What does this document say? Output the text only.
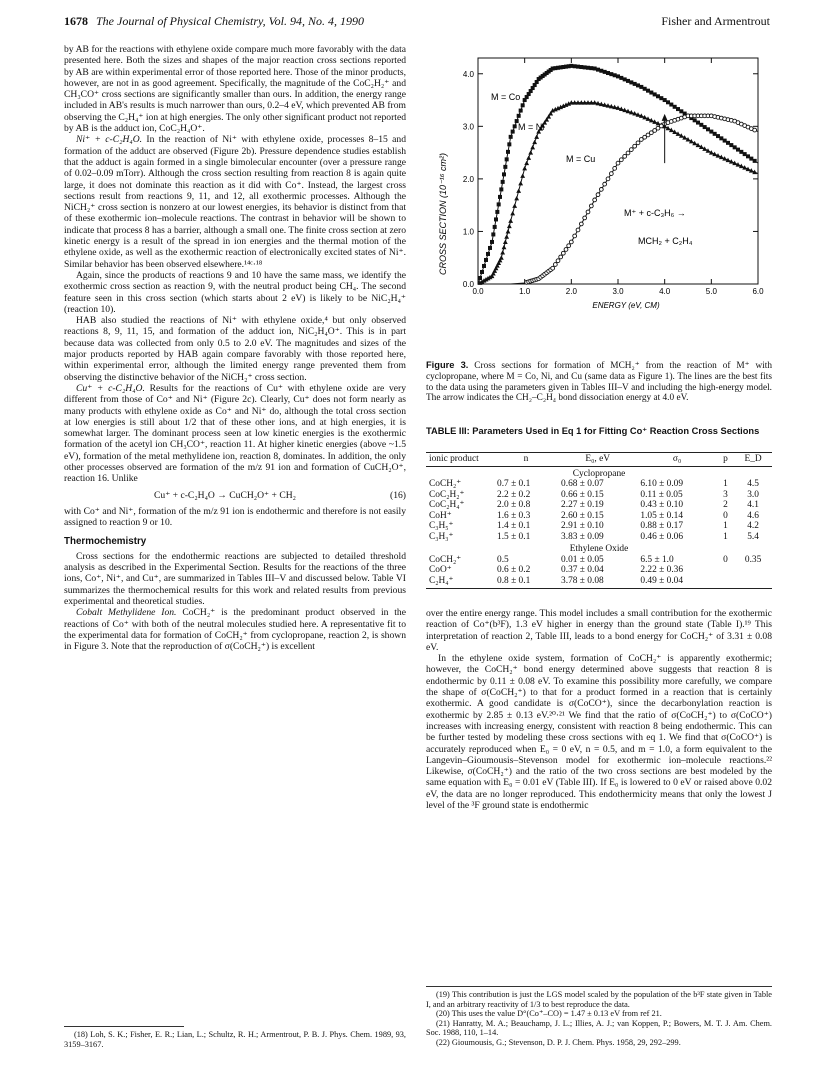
1678 The Journal of Physical Chemistry, Vol. 94, No. 4, 1990	Fisher and Armentrout

by AB for the reactions with ethylene oxide compare much more favorably with the data presented here. Both the sizes and shapes of the major reaction cross sections reported by AB are within experimental error of those reported here. Those of the minor products, however, are not in as good agreement. Specifically, the magnitude of the CoC₂H₂⁺ and CH₃CO⁺ cross sections are significantly smaller than ours. In addition, the energy range included in AB's results is much narrower than ours, 0.2–4 eV, which prevented AB from observing the C₂H₄⁺ ion at high energies. The only other significant product not reported by AB is the adduct ion, CoC₂H₄O⁺.

Ni⁺ + c-C₂H₄O. In the reaction of Ni⁺ with ethylene oxide, processes 8–15 and formation of the adduct are observed (Figure 2b). Pressure dependence studies establish that the adduct is again formed in a single bimolecular encounter (over a pressure range of 0.02–0.09 mTorr). Although the cross section resulting from reaction 8 is again quite large, it does not dominate this reaction as it did with Co⁺. Instead, the largest cross sections result from reactions 9, 11, and 12, all exothermic processes. Although the NiCH₂⁺ cross section is nonzero at our lowest energies, its behavior is distinct from that of these exothermic ion–molecule reactions. The contrast in behavior will be shown to indicate that process 8 has a barrier, although a small one. The finite cross section at zero kinetic energy is a result of the spread in ion energies and the thermal motion of the ethylene oxide, as well as the exothermic reaction of electronically excited states of Ni⁺. Similar behavior has been observed elsewhere.¹⁴ᶜ·¹⁸

Again, since the products of reactions 9 and 10 have the same mass, we identify the exothermic cross section as reaction 9, with the neutral product being CH₄. The second feature seen in this cross section (which starts about 2 eV) is likely to be NiC₂H₄⁺ (reaction 10).

HAB also studied the reactions of Ni⁺ with ethylene oxide,⁴ but only observed reactions 8, 9, 11, 15, and formation of the adduct ion, NiC₂H₄O⁺. This is in part because data was collected from only 0.5 to 2.0 eV. The magnitudes and sizes of the major products reported by HAB again compare favorably with those reported here, within experimental error, although the limited energy range prevented them from observing the distinctive behavior of the NiCH₂⁺ cross section.

Cu⁺ + c-C₂H₄O. Results for the reactions of Cu⁺ with ethylene oxide are very different from those of Co⁺ and Ni⁺ (Figure 2c). Clearly, Cu⁺ does not form nearly as many products with ethylene oxide as Co⁺ and Ni⁺ do, although the total cross section at low energies is still about 1/2 that of these other ions, and at high energies, it is somewhat larger. The dominant process seen at low kinetic energies is the exothermic formation of the acetyl ion CH₃CO⁺, reaction 11. At higher kinetic energies (above ~1.5 eV), formation of the metal methylidene ion, reaction 8, dominates. In addition, the only other processes observed are formation of the m/z 91 ion and formation of CuCH₂O⁺, reaction 16. Unlike

Cu⁺ + c-C₂H₄O → CuCH₂O⁺ + CH₂	(16)

with Co⁺ and Ni⁺, formation of the m/z 91 ion is endothermic and therefore is not easily assigned to reaction 9 or 10.

Thermochemistry

Cross sections for the endothermic reactions are subjected to detailed threshold analysis as described in the Experimental Section. Results for the reactions of the three ions, Co⁺, Ni⁺, and Cu⁺, are summarized in Tables III–V and discussed below. Table VI summarizes the thermochemical results for this work and related results from previous experimental and theoretical studies.

Cobalt Methylidene Ion. CoCH₂⁺ is the predominant product observed in the reactions of Co⁺ with both of the neutral molecules studied here. A representative fit to the experimental data for formation of CoCH₂⁺ from cyclopropane, reaction 2, is shown in Figure 3. Note that the reproduction of σ(CoCH₂⁺) is excellent

(18) Loh, S. K.; Fisher, E. R.; Lian, L.; Schultz, R. H.; Armentrout, P. B. J. Phys. Chem. 1989, 93, 3159–3167.

0.0	1.0	2.0	3.0	4.0	5.0	6.0
0.0
1.0
2.0
3.0
4.0
CROSS SECTION (10⁻¹⁶ cm²)
ENERGY (eV, CM)
M = Co
M = Ni
M = Cu
M⁺ + c-C₃H₆ →
MCH₂ + C₂H₄
Figure 3. Cross sections for formation of MCH₂⁺ from the reaction of M⁺ with cyclopropane, where M = Co, Ni, and Cu (same data as Figure 1). The lines are the best fits to the data using the parameters given in Tables III–V and including the high-energy model. The arrow indicates the CH₂–C₂H₄ bond dissociation energy at 4.0 eV.
TABLE III: Parameters Used in Eq 1 for Fitting Co⁺ Reaction Cross Sections
ionic product	n	E₀, eV	σ₀	p	E_D
Cyclopropane					
CoCH₂⁺	0.7 ± 0.1	0.68 ± 0.07	6.10 ± 0.09	1	4.5
CoC₂H₂⁺	2.2 ± 0.2	0.66 ± 0.15	0.11 ± 0.05	3	3.0
CoC₂H₄⁺	2.0 ± 0.8	2.27 ± 0.19	0.43 ± 0.10	2	4.1
CoH⁺	1.6 ± 0.3	2.60 ± 0.15	1.05 ± 0.14	0	4.6
C₃H₅⁺	1.4 ± 0.1	2.91 ± 0.10	0.88 ± 0.17	1	4.2
C₃H₃⁺	1.5 ± 0.1	3.83 ± 0.09	0.46 ± 0.06	1	5.4
Ethylene Oxide					
CoCH₂⁺	0.5	0.01 ± 0.05	6.5 ± 1.0	0	0.35
CoO⁺	0.6 ± 0.2	0.37 ± 0.04	2.22 ± 0.36		
C₂H₄⁺	0.8 ± 0.1	3.78 ± 0.08	0.49 ± 0.04		

over the entire energy range. This model includes a small contribution for the exothermic reaction of Co⁺(b³F), 1.3 eV higher in energy than the ground state (Table I).¹⁹ This interpretation of reaction 2, Table III, leads to a bond energy for CoCH₂⁺ of 3.31 ± 0.08 eV.

In the ethylene oxide system, formation of CoCH₂⁺ is apparently exothermic; however, the CoCH₂⁺ bond energy determined above suggests that reaction 8 is endothermic by 0.11 ± 0.08 eV. To examine this possibility more carefully, we compare the shape of σ(CoCH₂⁺) to that for a product formed in a reaction that is certainly exothermic. A good candidate is σ(CoCO⁺), since the decarbonylation reaction is exothermic by 2.85 ± 0.13 eV.²⁰·²¹ We find that the ratio of σ(CoCH₂⁺) to σ(CoCO⁺) increases with increasing energy, consistent with reaction 8 being endothermic. This can be further tested by modeling these cross sections with eq 1. We find that σ(CoCO⁺) is accurately reproduced when E₀ = 0 eV, n = 0.5, and m = 1.0, a form equivalent to the Langevin–Gioumousis–Stevenson model for exothermic ion–molecule reactions.²² Likewise, σ(CoCH₂⁺) and the ratio of the two cross sections are best modeled by the same equation with E₀ = 0.01 eV (Table III). If E₀ is lowered to 0 eV or raised above 0.02 eV, the data are no longer reproduced. This endothermicity means that only the lowest J level of the ³F ground state is endothermic

(19) This contribution is just the LGS model scaled by the population of the b³F state given in Table I, and an arbitrary reactivity of 1/3 to best reproduce the data.

(20) This uses the value D°(Co⁺–CO) = 1.47 ± 0.13 eV from ref 21.

(21) Hanratty, M. A.; Beauchamp, J. L.; Illies, A. J.; van Koppen, P.; Bowers, M. T. J. Am. Chem. Soc. 1988, 110, 1–14.

(22) Gioumousis, G.; Stevenson, D. P. J. Chem. Phys. 1958, 29, 292–299.
